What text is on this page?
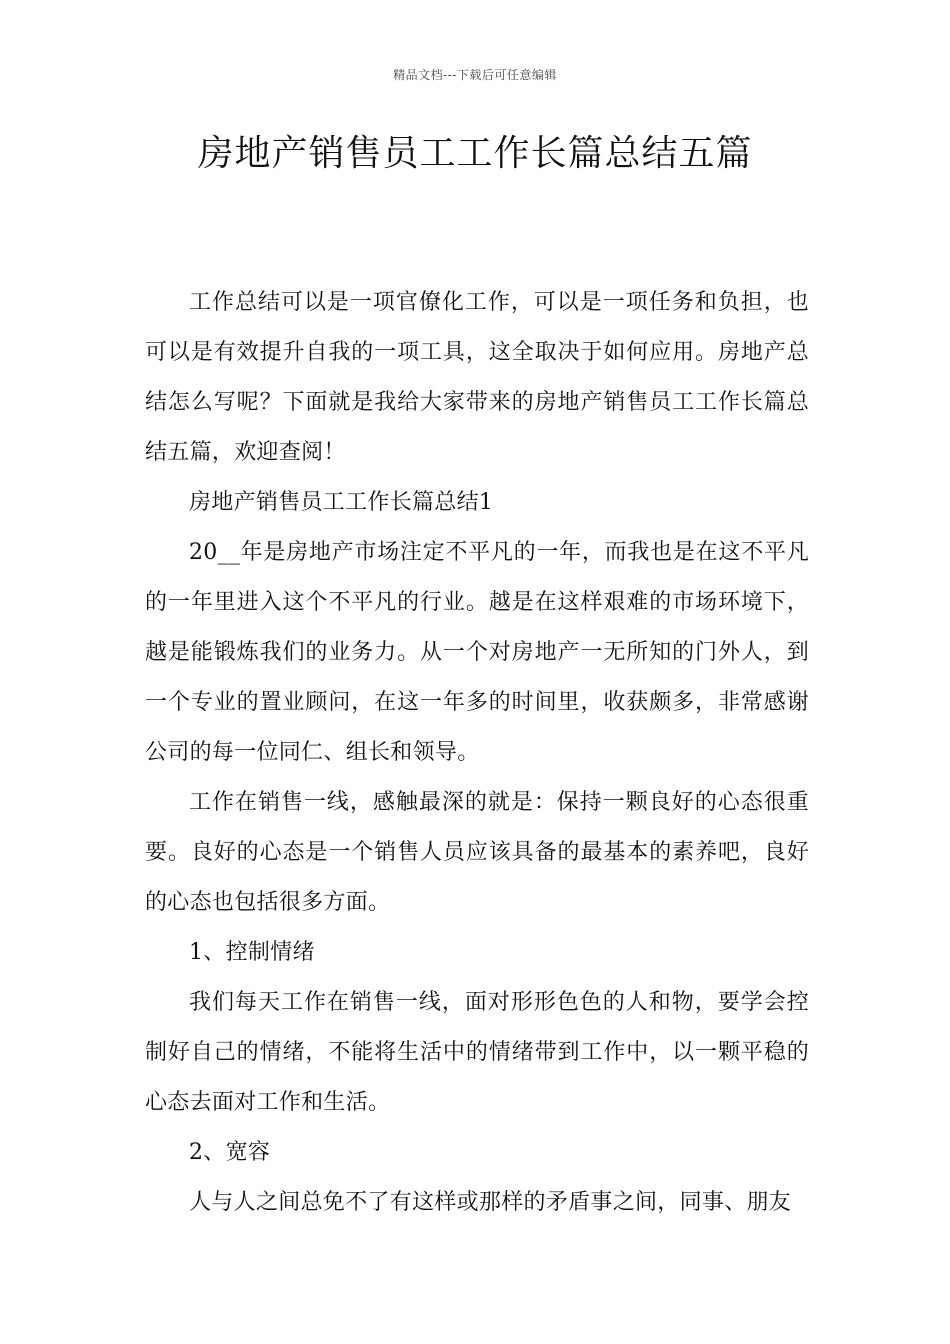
精品文档---下载后可任意编辑
房地产销售员工工作长篇总结五篇

工作总结可以是一项官僚化工作，可以是一项任务和负担，也可以是有效提升自我的一项工具，这全取决于如何应用。房地产总结怎么写呢？下面就是我给大家带来的房地产销售员工工作长篇总结五篇，欢迎查阅！

房地产销售员工工作长篇总结1

20__年是房地产市场注定不平凡的一年，而我也是在这不平凡的一年里进入这个不平凡的行业。越是在这样艰难的市场环境下，越是能锻炼我们的业务力。从一个对房地产一无所知的门外人，到一个专业的置业顾问，在这一年多的时间里，收获颇多，非常感谢公司的每一位同仁、组长和领导。

工作在销售一线，感触最深的就是：保持一颗良好的心态很重要。良好的心态是一个销售人员应该具备的最基本的素养吧，良好的心态也包括很多方面。

1、控制情绪

我们每天工作在销售一线，面对形形色色的人和物，要学会控制好自己的情绪，不能将生活中的情绪带到工作中，以一颗平稳的心态去面对工作和生活。

2、宽容

人与人之间总免不了有这样或那样的矛盾事之间，同事、朋友
